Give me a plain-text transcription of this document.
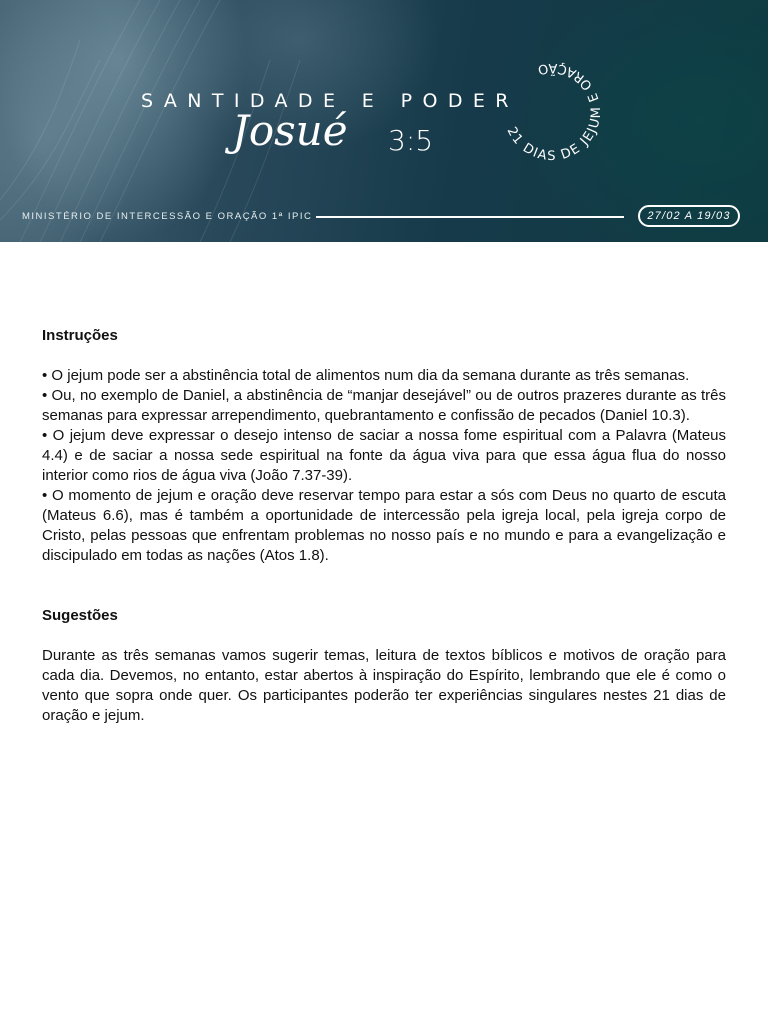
SANTIDADE E PODER
Josué 3:5	21 DIAS DE JEJUM E ORAÇÃO
MINISTÉRIO DE INTERCESSÃO E ORAÇÃO 1ª IPIC	27/02 A 19/03

Instruções

• O jejum pode ser a abstinência total de alimentos num dia da semana durante as três semanas.

• Ou, no exemplo de Daniel, a abstinência de “manjar desejável” ou de outros prazeres durante as três semanas para expressar arrependimento, quebrantamento e confissão de pecados (Daniel 10.3).

• O jejum deve expressar o desejo intenso de saciar a nossa fome espiritual com a Palavra (Mateus 4.4) e de saciar a nossa sede espiritual na fonte da água viva para que essa água flua do nosso interior como rios de água viva (João 7.37-39).

• O momento de jejum e oração deve reservar tempo para estar a sós com Deus no quarto de escuta (Mateus 6.6), mas é também a oportunidade de intercessão pela igreja local, pela igreja corpo de Cristo, pelas pessoas que enfrentam problemas no nosso país e no mundo e para a evangelização e discipulado em todas as nações (Atos 1.8).

Sugestões

Durante as três semanas vamos sugerir temas, leitura de textos bíblicos e motivos de oração para cada dia. Devemos, no entanto, estar abertos à inspiração do Espírito, lembrando que ele é como o vento que sopra onde quer. Os participantes poderão ter experiências singulares nestes 21 dias de oração e jejum.
